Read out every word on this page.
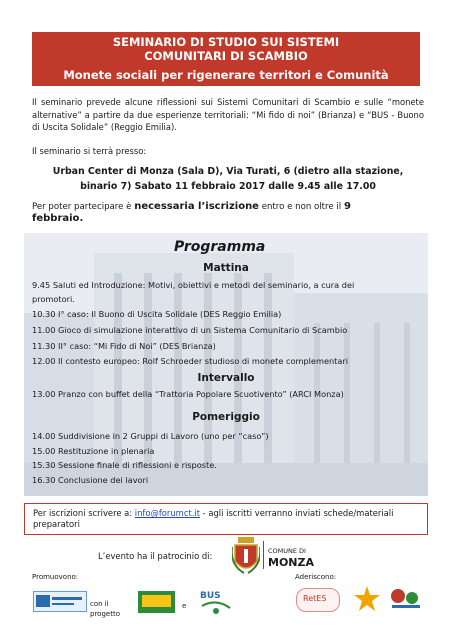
SEMINARIO DI STUDIO SUI SISTEMI
COMUNITARI DI SCAMBIO
Monete sociali per rigenerare territori e Comunità
Il seminario prevede alcune riflessioni sui Sistemi Comunitari di Scambio e sulle “monete alternative” a partire da due esperienze territoriali: “Mi fido di noi” (Brianza) e “BUS - Buono di Uscita Solidale” (Reggio Emilia).
Il seminario si terrà presso:
Urban Center di Monza (Sala D), Via Turati, 6 (dietro alla stazione,
binario 7) Sabato 11 febbraio 2017 dalle 9.45 alle 17.00
Per poter partecipare è necessaria l’iscrizione entro e non oltre il 9
febbraio.
Programma
Mattina
9.45 Saluti ed Introduzione: Motivi, obiettivi e metodi del seminario, a cura dei
promotori.
10.30 I° caso: Il Buono di Uscita Solidale (DES Reggio Emilia)
11.00 Gioco di simulazione interattivo di un Sistema Comunitario di Scambio
11.30 II° caso: “Mi Fido di Noi” (DES Brianza)
12.00 Il contesto europeo: Rolf Schroeder studioso di monete complementari
Intervallo
13.00 Pranzo con buffet della “Trattoria Popolare Scuotivento” (ARCI Monza)
Pomeriggio
14.00 Suddivisione in 2 Gruppi di Lavoro (uno per “caso”)
15.00 Restituzione in plenaria
15.30 Sessione finale di riflessioni e risposte.
16.30 Conclusione dei lavori
Per iscrizioni scrivere a: info@forumct.it - agli iscritti verranno inviati schede/materiali
preparatori
L’evento ha il patrocinio di:	COMUNE DI
MONZA
Promuovono:	Aderiscono:
con il
progetto
e
BUS	RetES
